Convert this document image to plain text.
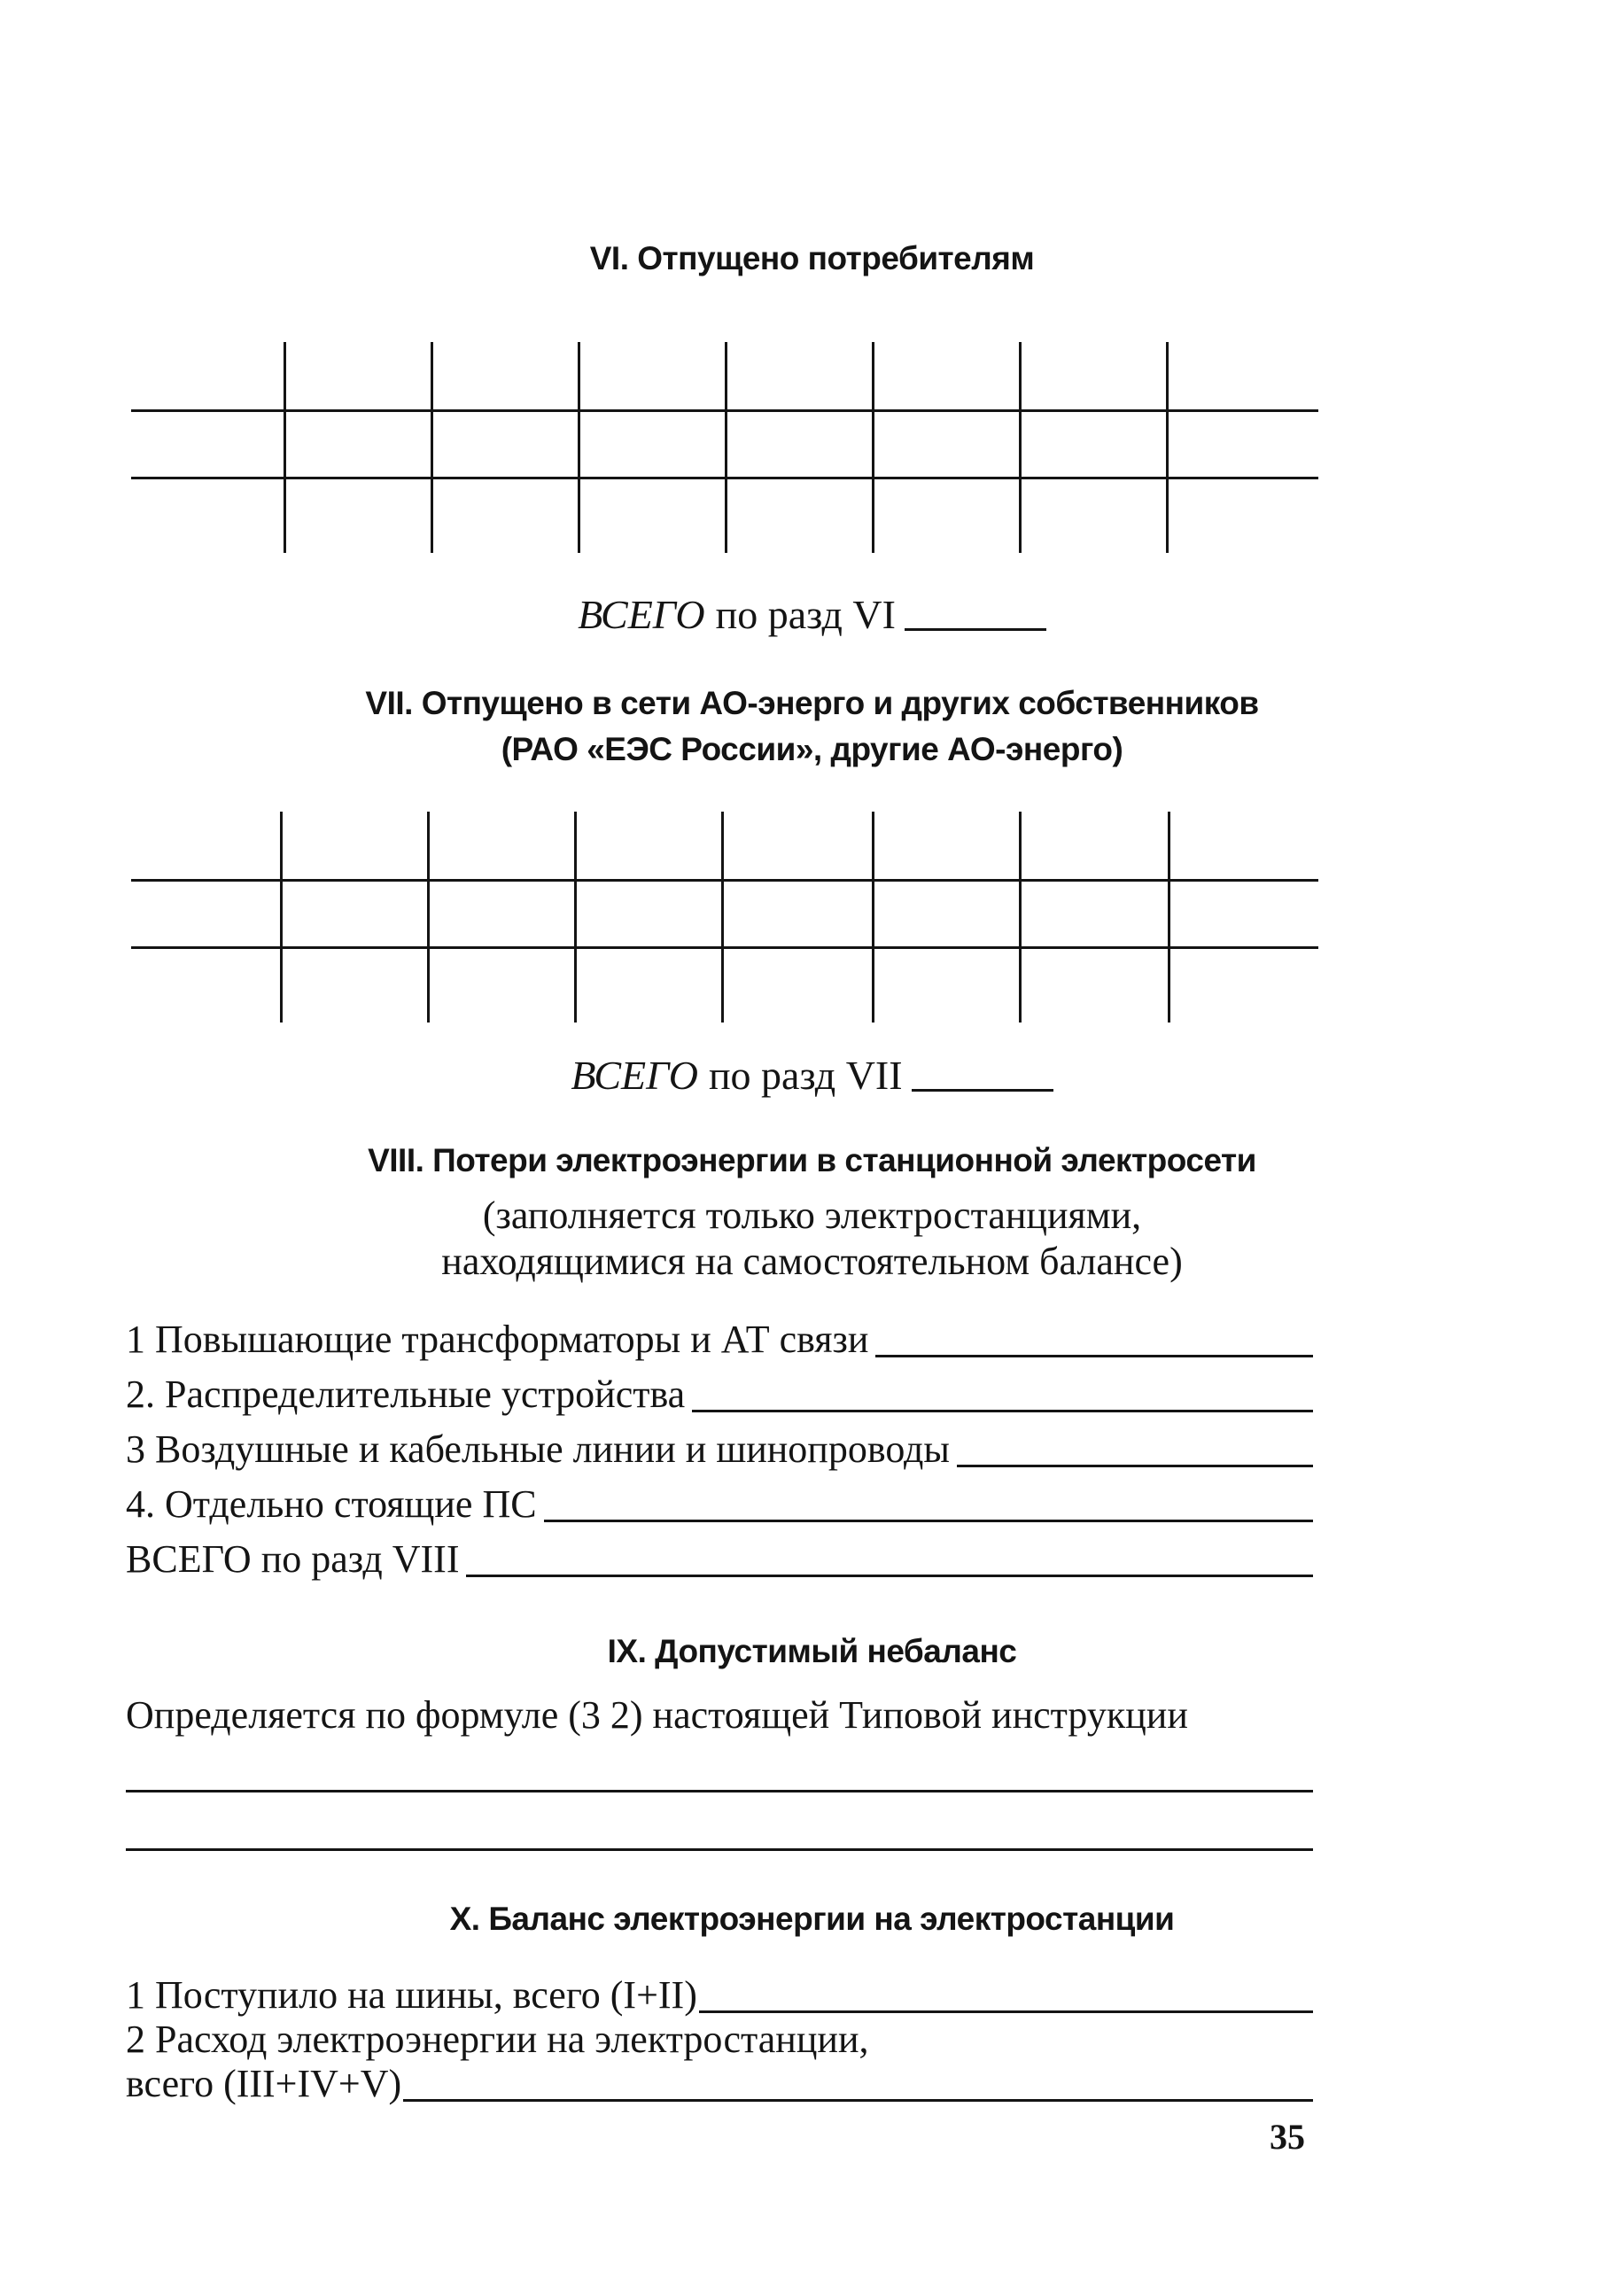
VI. Отпущено потребителям
ВСЕГО по разд VI
VII. Отпущено в сети АО-энерго и других собственников
(РАО «ЕЭС России», другие АО-энерго)
ВСЕГО по разд VII
VIII. Потери электроэнергии в станционной электросети
(заполняется только электростанциями,
находящимися на самостоятельном балансе)
1 Повышающие трансформаторы и АТ связи
2. Распределительные устройства
3 Воздушные и кабельные линии и шинопроводы
4. Отдельно стоящие ПС
ВСЕГО по разд VIII
IX. Допустимый небаланс
Определяется по формуле (3 2) настоящей Типовой инструкции
X. Баланс электроэнергии на электростанции
1 Поступило на шины, всего (I+II)
2 Расход электроэнергии на электростанции,
всего (III+IV+V)
35
